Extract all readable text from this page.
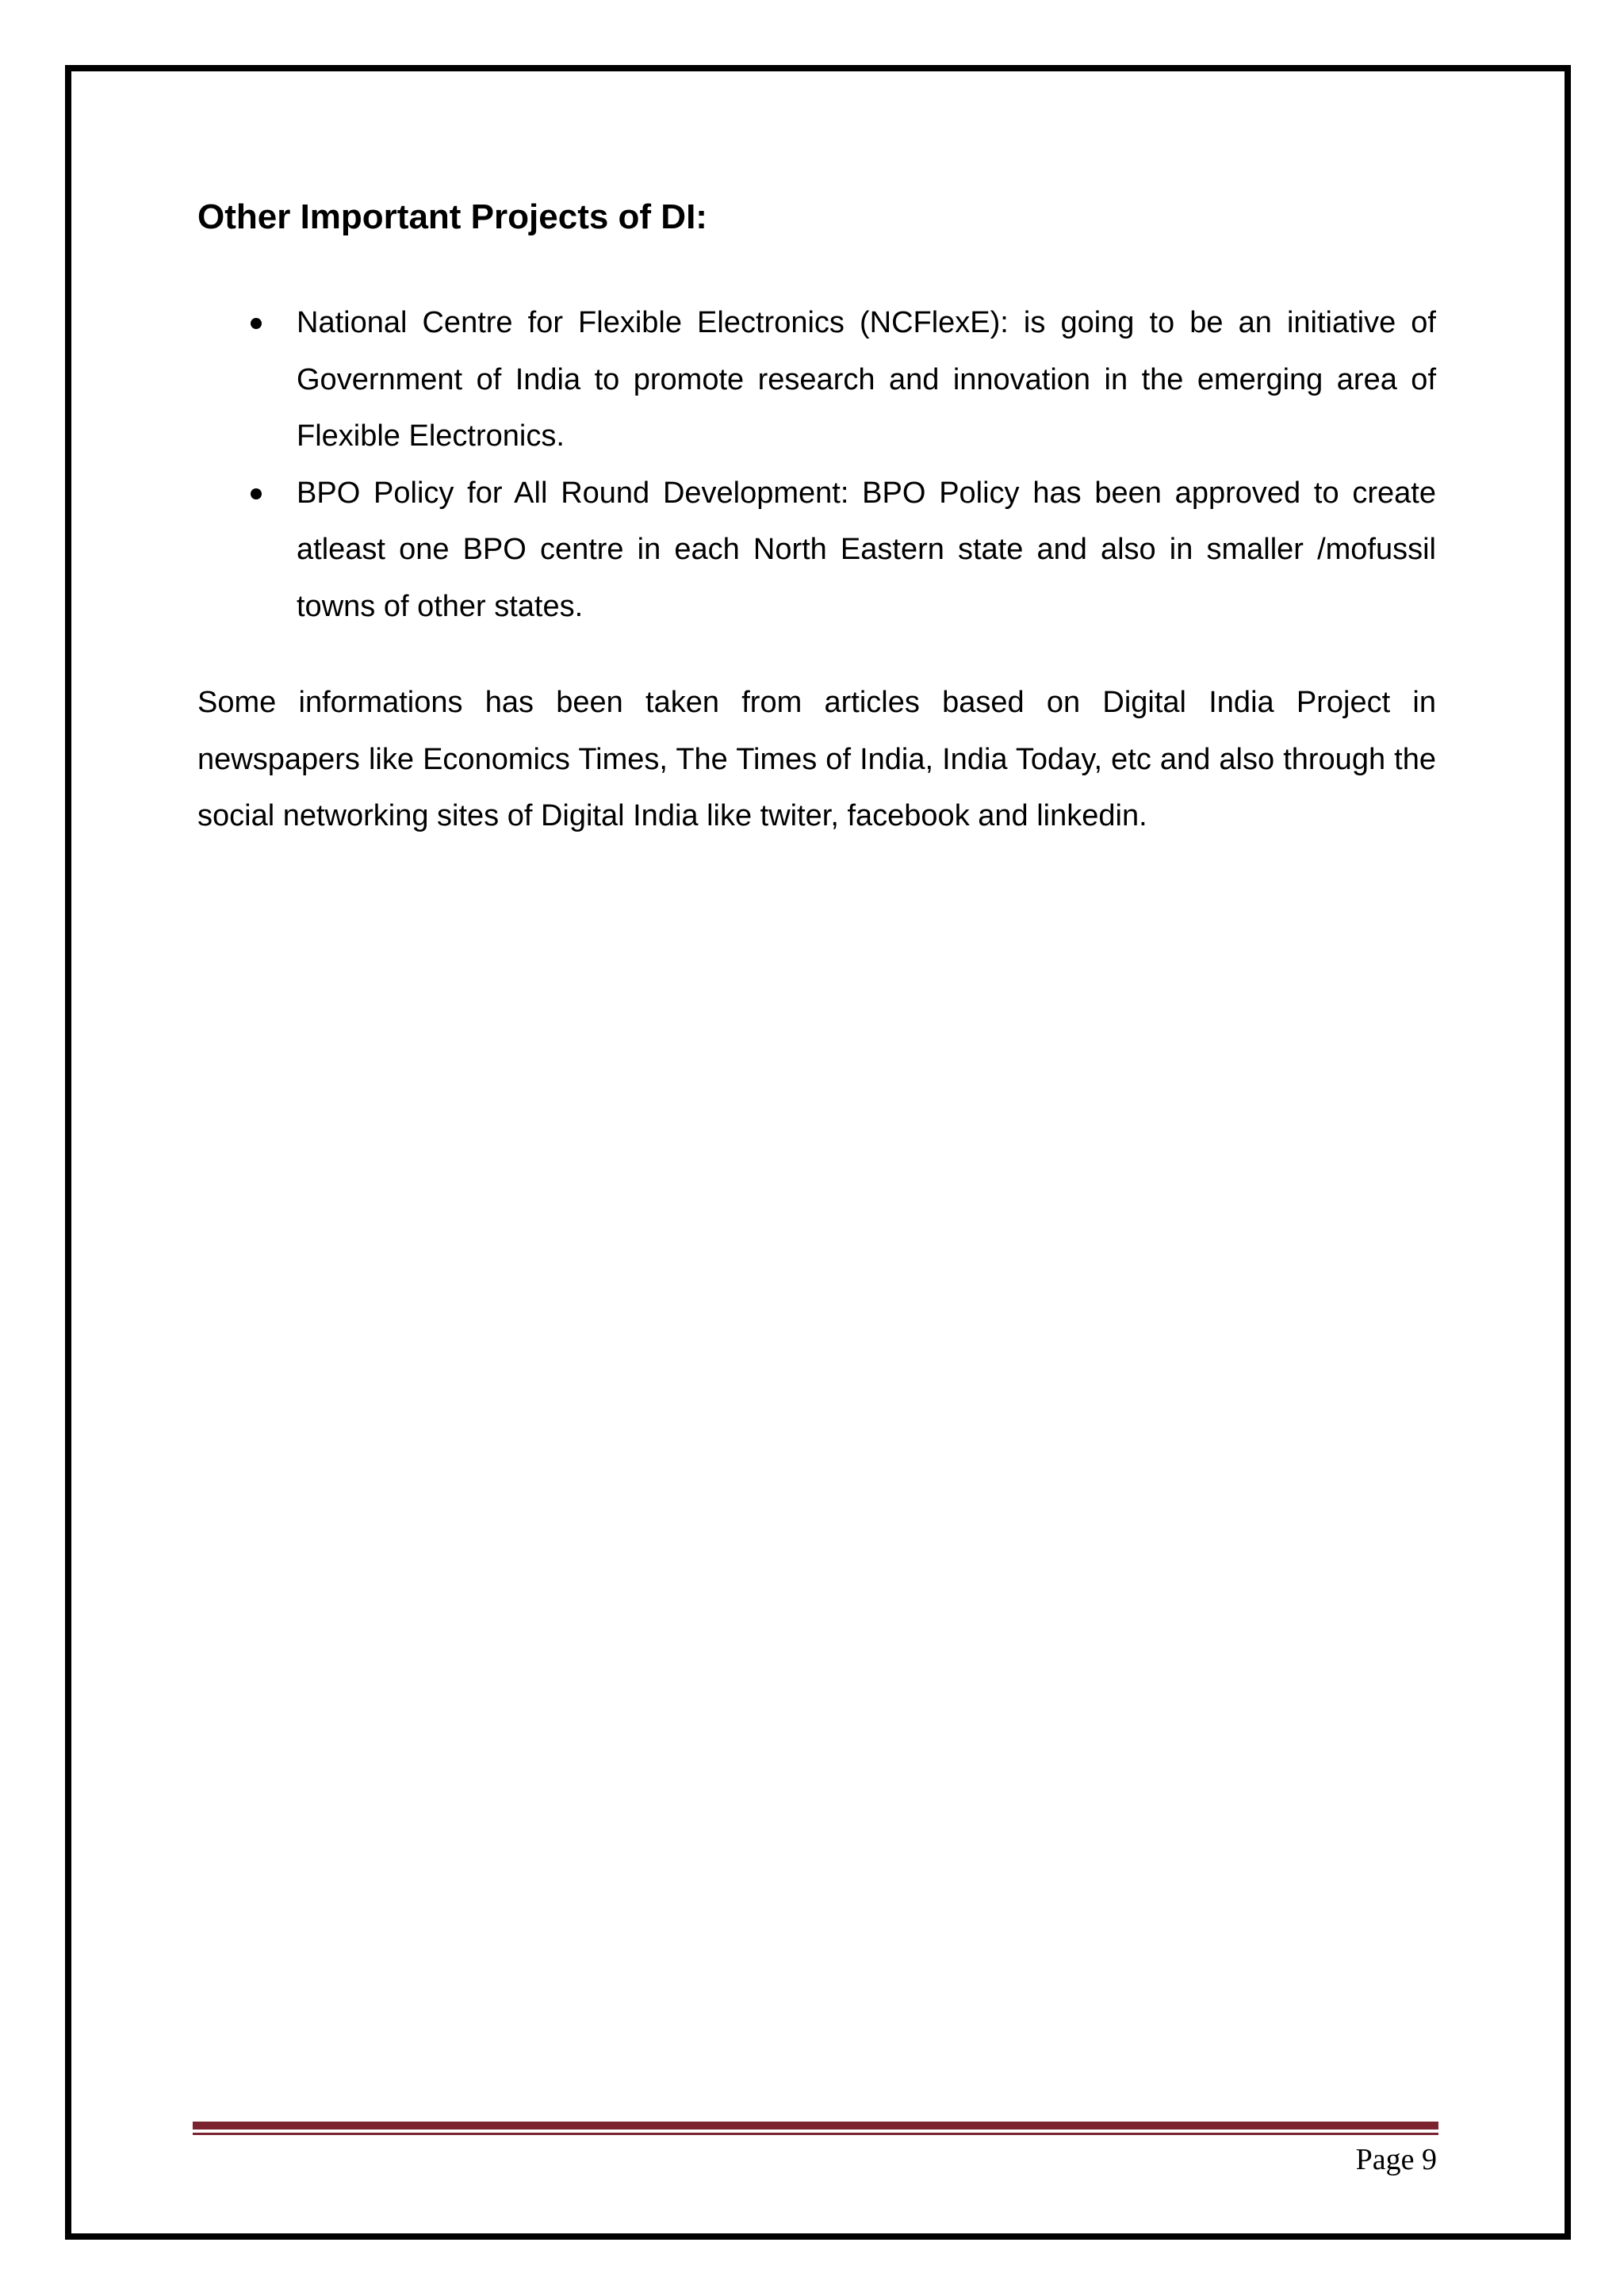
Other Important Projects of DI:
National Centre for Flexible Electronics (NCFlexE): is going to be an initiative of Government of India to promote research and innovation in the emerging area of Flexible Electronics.
BPO Policy for All Round Development: BPO Policy has been approved to create atleast one BPO centre in each North Eastern state and also in smaller /mofussil towns of other states.

Some informations has been taken from articles based on Digital India Project in newspapers like Economics Times, The Times of India, India Today, etc and also through the social networking sites of Digital India like twiter, facebook and linkedin.

Page 9
